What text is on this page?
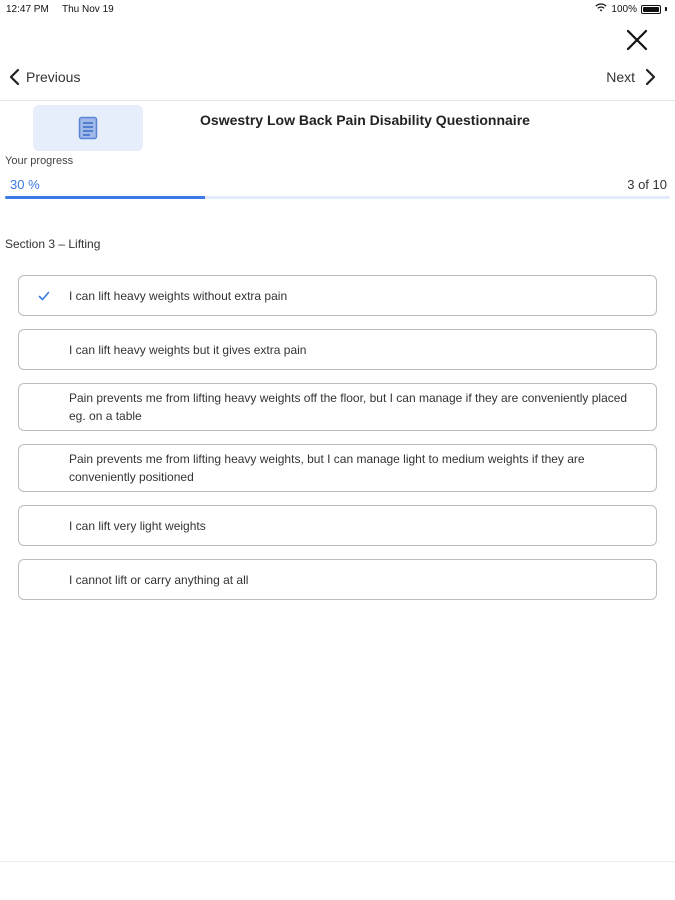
12:47 PM Thu Nov 19	100%
Previous	Next
Oswestry Low Back Pain Disability Questionnaire
Your progress
30 %	3 of 10
Section 3 – Lifting
I can lift heavy weights without extra pain
I can lift heavy weights but it gives extra pain
Pain prevents me from lifting heavy weights off the floor, but I can manage if they are conveniently placed eg. on a table
Pain prevents me from lifting heavy weights, but I can manage light to medium weights if they are conveniently positioned
I can lift very light weights
I cannot lift or carry anything at all
